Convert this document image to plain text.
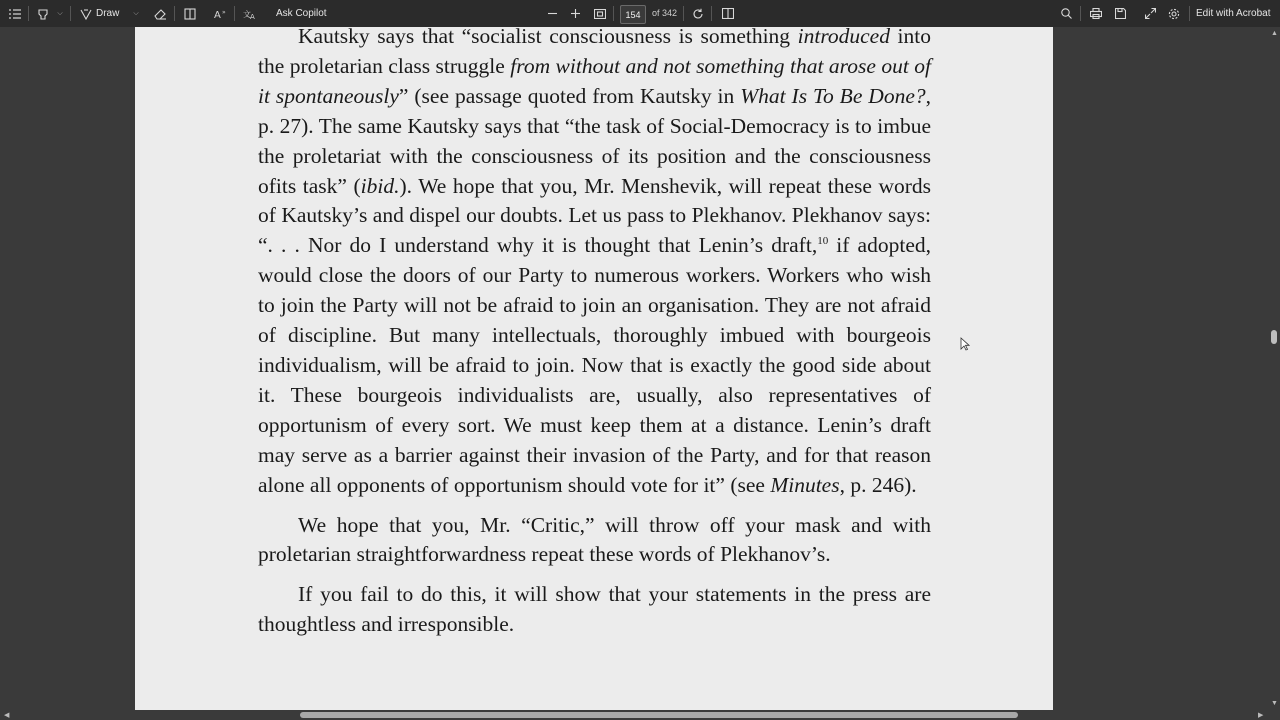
⌵	Draw ⌵	A » 文 A Ask Copilot	154	of 342	Edit with Acrobat

Kautsky says that “socialist consciousness is something introduced into the proletarian class struggle from without and not something that arose out of it spontaneously” (see passage quoted from Kautsky in What Is To Be Done?, p. 27). The same Kautsky says that “the task of Social-Democracy is to imbue the proletariat with the consciousness of its position and the consciousness ofits task” (ibid.). We hope that you, Mr. Menshevik, will repeat these words of Kautsky’s and dispel our doubts. Let us pass to Plekhanov. Plekhanov says: “. . . Nor do I understand why it is thought that Lenin’s draft,$^{10}$ if adopted, would close the doors of our Party to numerous workers. Workers who wish to join the Party will not be afraid to join an organisation. They are not afraid of discipline. But many intellectuals, thoroughly imbued with bourgeois individualism, will be afraid to join. Now that is exactly the good side about it. These bourgeois individualists are, usually, also representatives of opportunism of every sort. We must keep them at a distance. Lenin’s draft may serve as a barrier against their invasion of the Party, and for that reason alone all opponents of opportunism should vote for it” (see Minutes, p. 246).

We hope that you, Mr. “Critic,” will throw off your mask and with proletarian straightforwardness repeat these words of Plekhanov’s.

If you fail to do this, it will show that your statements in the press are thoughtless and irresponsible.

▲
▼
◀	▶
